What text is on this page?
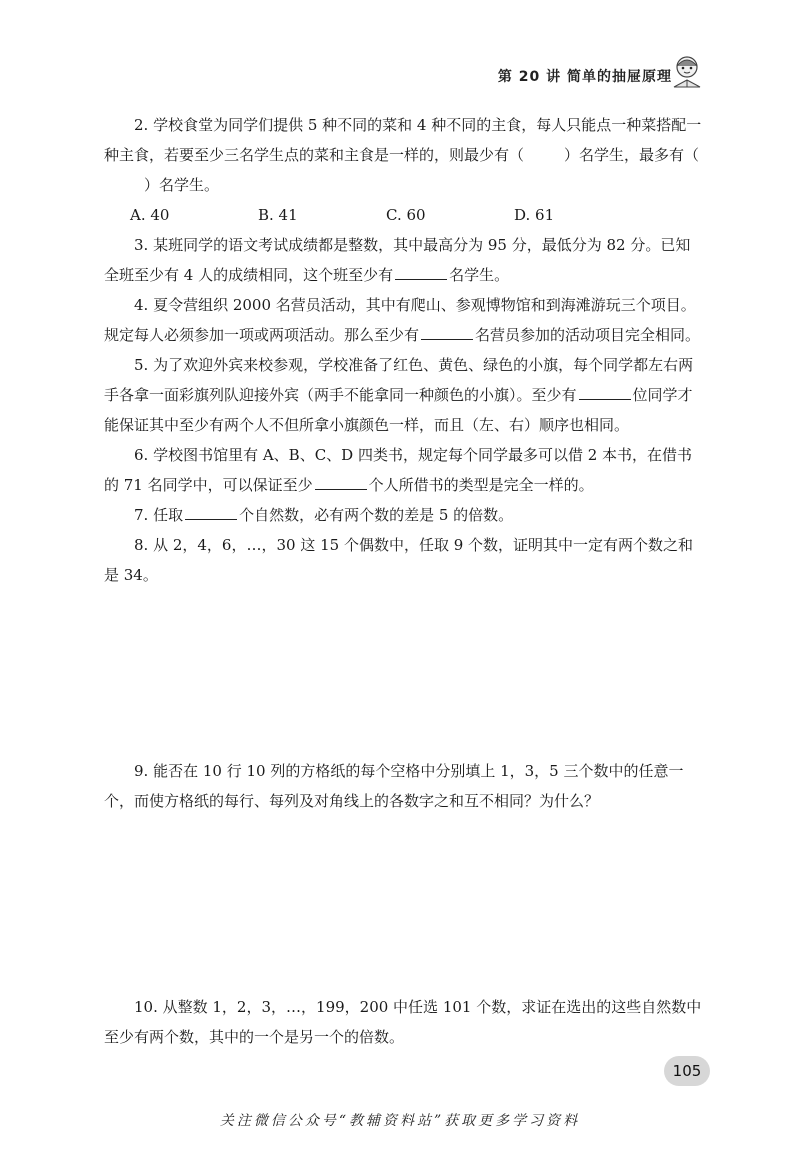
第 20 讲 简单的抽屉原理

2. 学校食堂为同学们提供 5 种不同的菜和 4 种不同的主食，每人只能点一种菜搭配一种主食，若要至少三名学生点的菜和主食是一样的，则最少有（	）名学生，最多有（）名学生。

A. 40	B. 41	C. 60	D. 61

3. 某班同学的语文考试成绩都是整数，其中最高分为 95 分，最低分为 82 分。已知全班至少有 4 人的成绩相同，这个班至少有	名学生。

4. 夏令营组织 2000 名营员活动，其中有爬山、参观博物馆和到海滩游玩三个项目。规定每人必须参加一项或两项活动。那么至少有	名营员参加的活动项目完全相同。

5. 为了欢迎外宾来校参观，学校准备了红色、黄色、绿色的小旗，每个同学都左右两手各拿一面彩旗列队迎接外宾（两手不能拿同一种颜色的小旗）。至少有	位同学才能保证其中至少有两个人不但所拿小旗颜色一样，而且（左、右）顺序也相同。

6. 学校图书馆里有 A、B、C、D 四类书，规定每个同学最多可以借 2 本书，在借书的 71 名同学中，可以保证至少	个人所借书的类型是完全一样的。

7. 任取	个自然数，必有两个数的差是 5 的倍数。

8. 从 2，4，6，…，30 这 15 个偶数中，任取 9 个数，证明其中一定有两个数之和是 34。

9. 能否在 10 行 10 列的方格纸的每个空格中分别填上 1，3，5 三个数中的任意一个，而使方格纸的每行、每列及对角线上的各数字之和互不相同？为什么？

10. 从整数 1，2，3，…，199，200 中任选 101 个数，求证在选出的这些自然数中至少有两个数，其中的一个是另一个的倍数。

105
关注微信公众号“教辅资料站”获取更多学习资料
